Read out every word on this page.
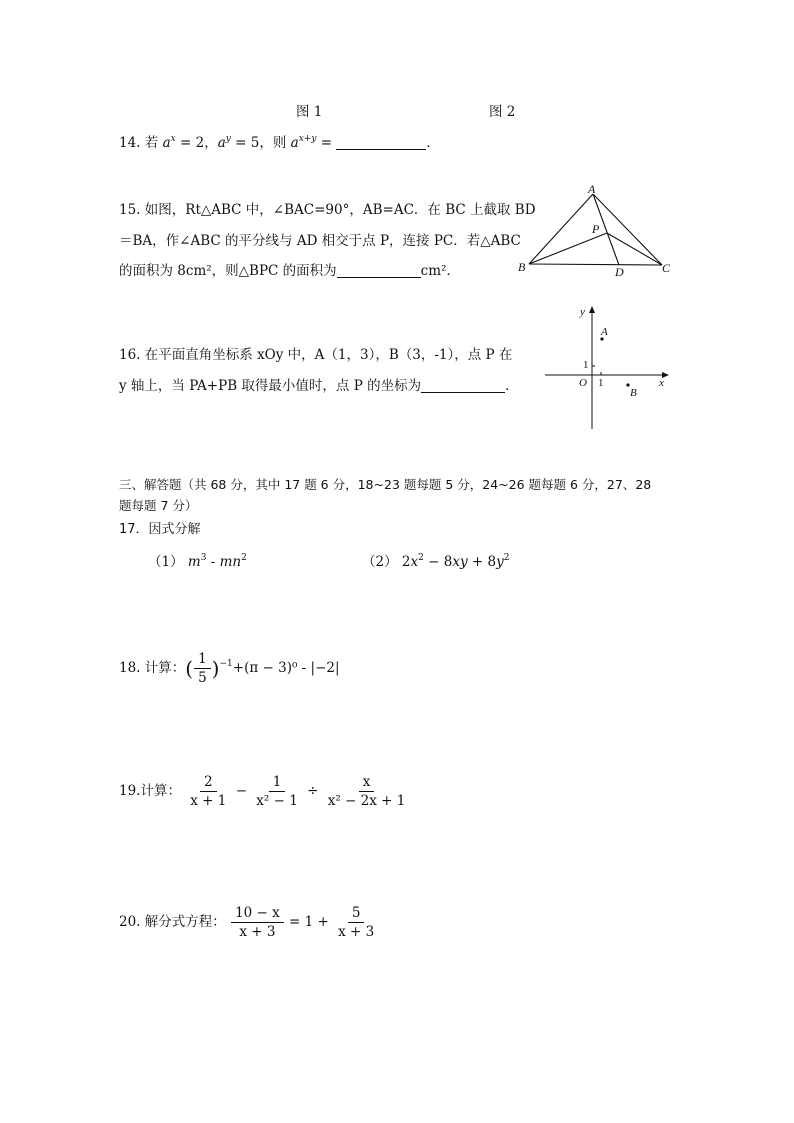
图 1	图 2
14. 若 $a^x = 2$，$a^y = 5$，则 $a^{x+y}$ =	．
15. 如图，Rt△ABC 中，∠BAC=90°，AB=AC．在 BC 上截取 BD
＝BA，作∠ABC 的平分线与 AD 相交于点 P，连接 PC．若△ABC
的面积为 8cm²，则△BPC 的面积为	cm²．
A
B	C
D
P
16. 在平面直角坐标系 xOy 中，A（1，3），B（3，-1），点 P 在
y 轴上，当 PA+PB 取得最小值时，点 P 的坐标为	．
y
x
O 1
1
A
B
三、解答题（共 68 分，其中 17 题 6 分，18~23 题每题 5 分，24~26 题每题 6 分，27、28
题每题 7 分）
17．因式分解
（1） $m^3 - mn^2$	（2） $2x^2 - 8xy + 8y^2$
18. 计算：( $\frac{1}{5} )^{-1}+(\pi - 3)^0 - |-2|$
19.计算： $\frac{2}{x + 1} - \frac{1}{\text{x² − 1}} \div \frac{x}{\text{x² − 2x + 1}}$
20. 解分式方程： $\frac{10 - x}{x + 3} = 1 + \frac{5}{x + 3}$
